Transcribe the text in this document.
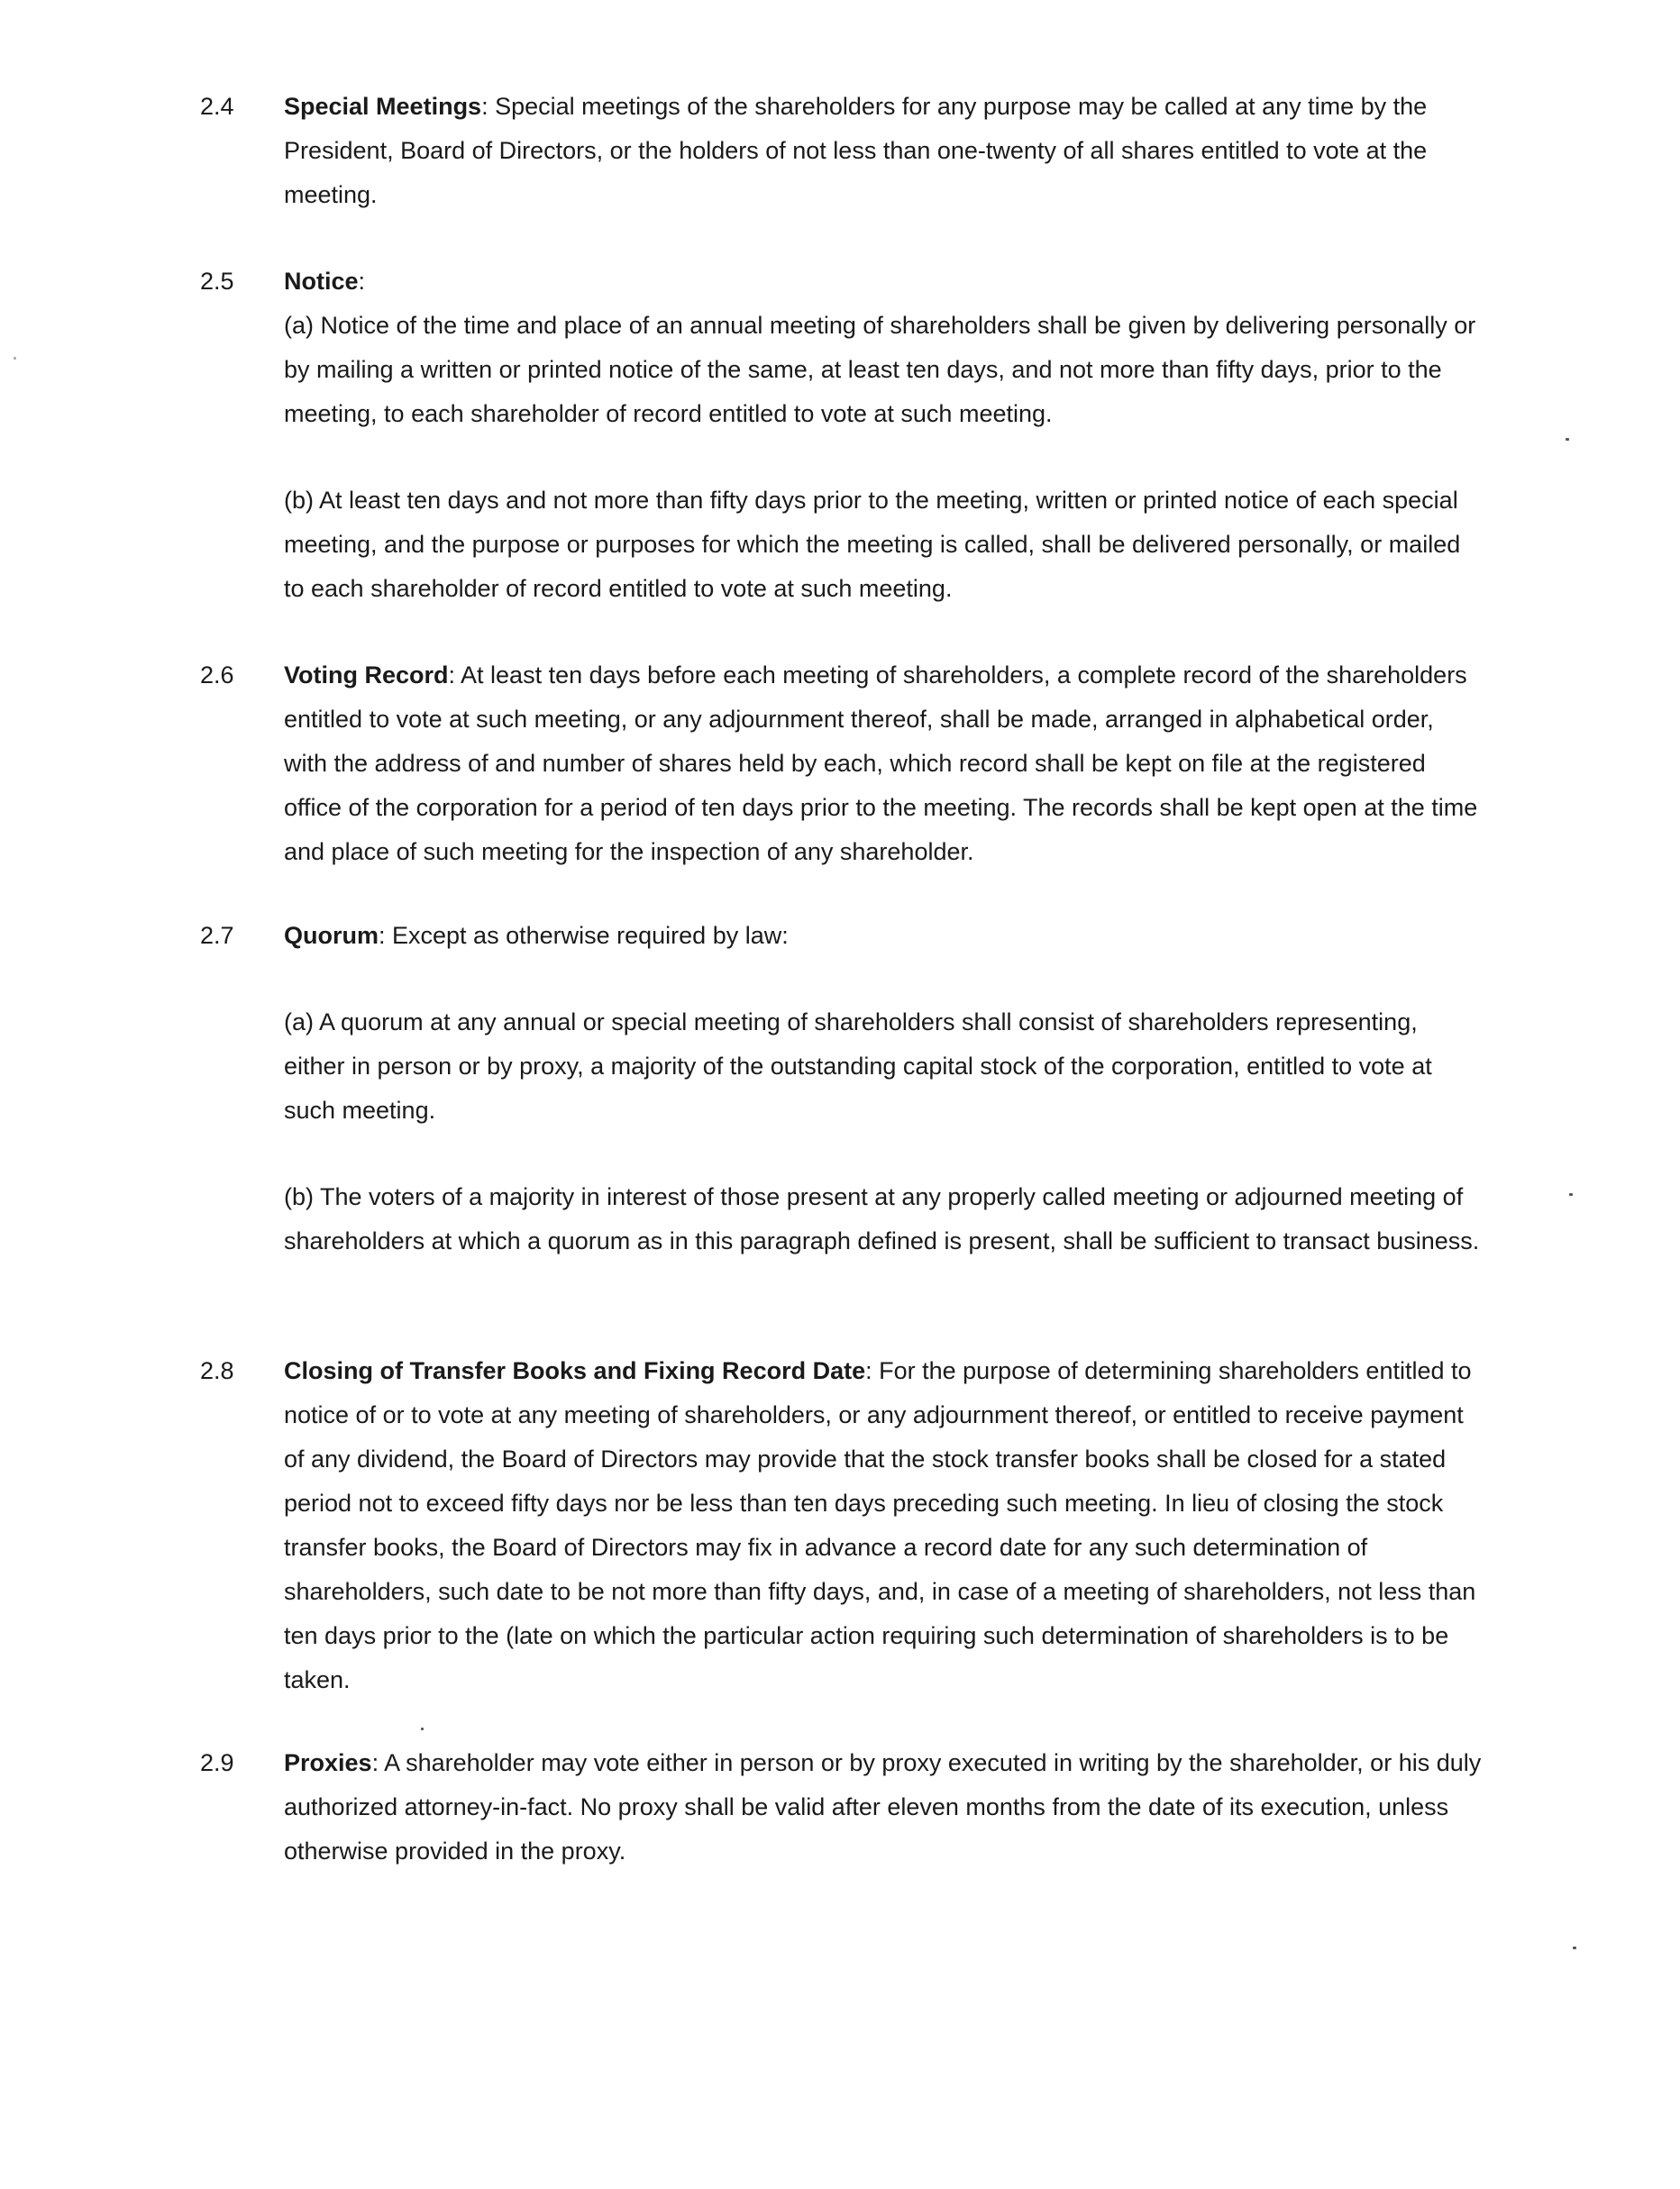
2.4 Special Meetings: Special meetings of the shareholders for any purpose may be called at any time by the President, Board of Directors, or the holders of not less than one-twenty of all shares entitled to vote at the meeting.

2.5 Notice:

(a) Notice of the time and place of an annual meeting of shareholders shall be given by delivering personally or by mailing a written or printed notice of the same, at least ten days, and not more than fifty days, prior to the meeting, to each shareholder of record entitled to vote at such meeting.

(b) At least ten days and not more than fifty days prior to the meeting, written or printed notice of each special meeting, and the purpose or purposes for which the meeting is called, shall be delivered personally, or mailed to each shareholder of record entitled to vote at such meeting.

2.6 Voting Record: At least ten days before each meeting of shareholders, a complete record of the shareholders entitled to vote at such meeting, or any adjournment thereof, shall be made, arranged in alphabetical order, with the address of and number of shares held by each, which record shall be kept on file at the registered office of the corporation for a period of ten days prior to the meeting. The records shall be kept open at the time and place of such meeting for the inspection of any shareholder.

2.7 Quorum: Except as otherwise required by law:

(a) A quorum at any annual or special meeting of shareholders shall consist of shareholders representing, either in person or by proxy, a majority of the outstanding capital stock of the corporation, entitled to vote at such meeting.

(b) The voters of a majority in interest of those present at any properly called meeting or adjourned meeting of shareholders at which a quorum as in this paragraph defined is present, shall be sufficient to transact business.

2.8 Closing of Transfer Books and Fixing Record Date: For the purpose of determining shareholders entitled to notice of or to vote at any meeting of shareholders, or any adjournment thereof, or entitled to receive payment of any dividend, the Board of Directors may provide that the stock transfer books shall be closed for a stated period not to exceed fifty days nor be less than ten days preceding such meeting. In lieu of closing the stock transfer books, the Board of Directors may fix in advance a record date for any such determination of shareholders, such date to be not more than fifty days, and, in case of a meeting of shareholders, not less than ten days prior to the (late on which the particular action requiring such determination of shareholders is to be taken.

2.9 Proxies: A shareholder may vote either in person or by proxy executed in writing by the shareholder, or his duly authorized attorney-in-fact. No proxy shall be valid after eleven months from the date of its execution, unless otherwise provided in the proxy.
